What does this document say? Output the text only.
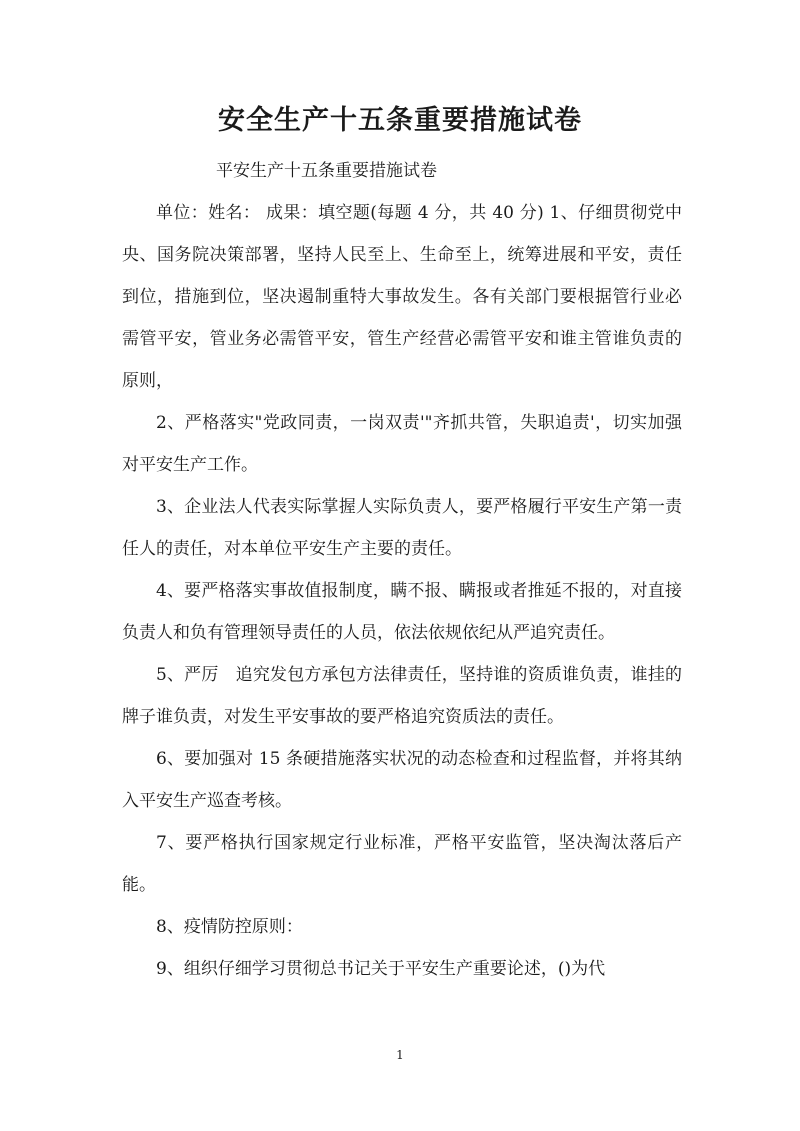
安全生产十五条重要措施试卷

平安生产十五条重要措施试卷

单位：姓名： 成果：填空题(每题 4 分，共 40 分) 1、仔细贯彻党中央、国务院决策部署，坚持人民至上、生命至上，统筹进展和平安，责任到位，措施到位，坚决遏制重特大事故发生。各有关部门要根据管行业必需管平安，管业务必需管平安，管生产经营必需管平安和谁主管谁负责的原则，

2、严格落实"党政同责，一岗双责'"齐抓共管，失职追责'，切实加强对平安生产工作。

3、企业法人代表实际掌握人实际负责人，要严格履行平安生产第一责任人的责任，对本单位平安生产主要的责任。

4、要严格落实事故值报制度，瞒不报、瞒报或者推延不报的，对直接负责人和负有管理领导责任的人员，依法依规依纪从严追究责任。

5、严厉　追究发包方承包方法律责任，坚持谁的资质谁负责，谁挂的牌子谁负责，对发生平安事故的要严格追究资质法的责任。

6、要加强对 15 条硬措施落实状况的动态检查和过程监督，并将其纳入平安生产巡查考核。

7、要严格执行国家规定行业标准，严格平安监管，坚决淘汰落后产能。

8、疫情防控原则：

9、组织仔细学习贯彻总书记关于平安生产重要论述，()为代

1
